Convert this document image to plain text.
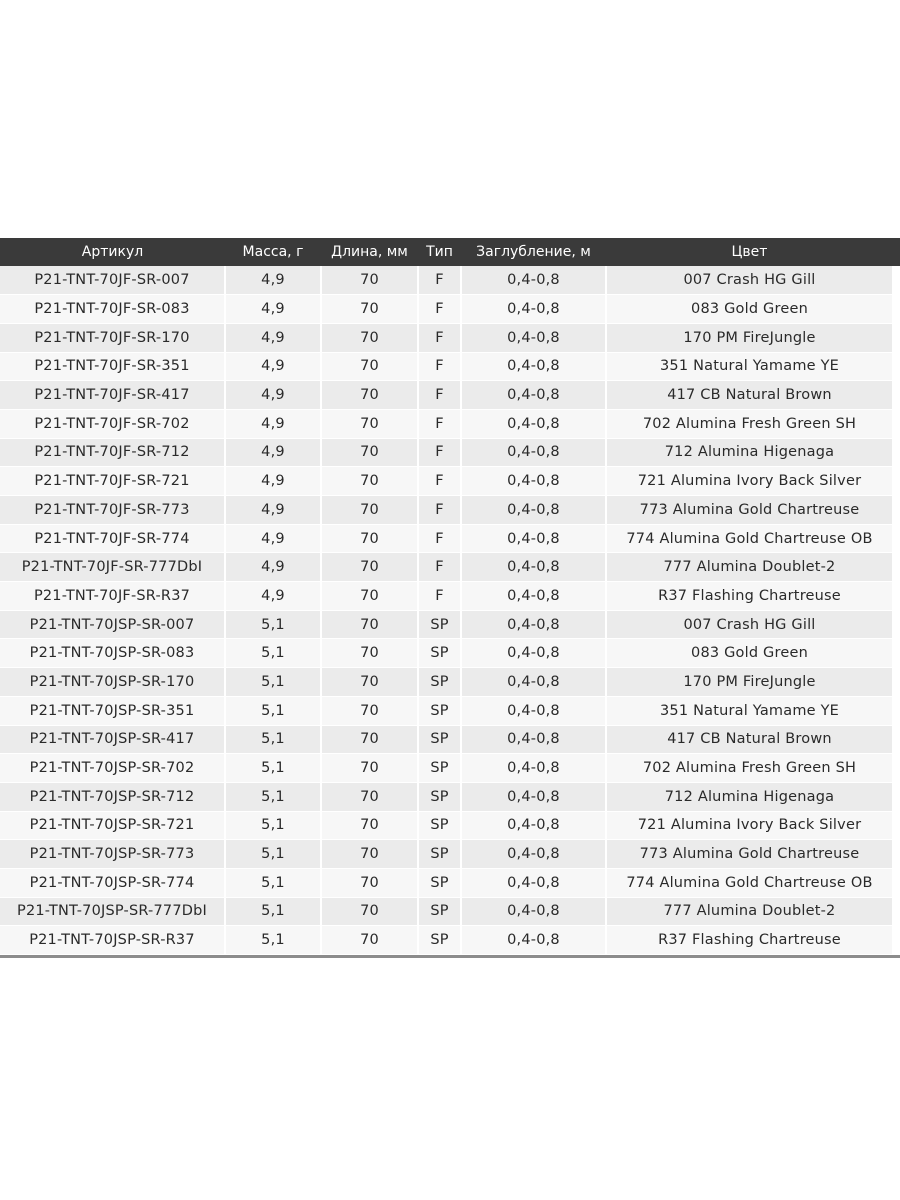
Артикул	Масса, г	Длина, мм	Тип	Заглубление, м	Цвет	
P21-TNT-70JF-SR-007	4,9	70	F	0,4-0,8	007 Crash HG Gill	
P21-TNT-70JF-SR-083	4,9	70	F	0,4-0,8	083 Gold Green	
P21-TNT-70JF-SR-170	4,9	70	F	0,4-0,8	170 PM FireJungle	
P21-TNT-70JF-SR-351	4,9	70	F	0,4-0,8	351 Natural Yamame YE	
P21-TNT-70JF-SR-417	4,9	70	F	0,4-0,8	417 CB Natural Brown	
P21-TNT-70JF-SR-702	4,9	70	F	0,4-0,8	702 Alumina Fresh Green SH	
P21-TNT-70JF-SR-712	4,9	70	F	0,4-0,8	712 Alumina Higenaga	
P21-TNT-70JF-SR-721	4,9	70	F	0,4-0,8	721 Alumina Ivory Back Silver	
P21-TNT-70JF-SR-773	4,9	70	F	0,4-0,8	773 Alumina Gold Chartreuse	
P21-TNT-70JF-SR-774	4,9	70	F	0,4-0,8	774 Alumina Gold Chartreuse OB	
P21-TNT-70JF-SR-777DbI	4,9	70	F	0,4-0,8	777 Alumina Doublet-2	
P21-TNT-70JF-SR-R37	4,9	70	F	0,4-0,8	R37 Flashing Chartreuse	
P21-TNT-70JSP-SR-007	5,1	70	SP	0,4-0,8	007 Crash HG Gill	
P21-TNT-70JSP-SR-083	5,1	70	SP	0,4-0,8	083 Gold Green	
P21-TNT-70JSP-SR-170	5,1	70	SP	0,4-0,8	170 PM FireJungle	
P21-TNT-70JSP-SR-351	5,1	70	SP	0,4-0,8	351 Natural Yamame YE	
P21-TNT-70JSP-SR-417	5,1	70	SP	0,4-0,8	417 CB Natural Brown	
P21-TNT-70JSP-SR-702	5,1	70	SP	0,4-0,8	702 Alumina Fresh Green SH	
P21-TNT-70JSP-SR-712	5,1	70	SP	0,4-0,8	712 Alumina Higenaga	
P21-TNT-70JSP-SR-721	5,1	70	SP	0,4-0,8	721 Alumina Ivory Back Silver	
P21-TNT-70JSP-SR-773	5,1	70	SP	0,4-0,8	773 Alumina Gold Chartreuse	
P21-TNT-70JSP-SR-774	5,1	70	SP	0,4-0,8	774 Alumina Gold Chartreuse OB	
P21-TNT-70JSP-SR-777DbI	5,1	70	SP	0,4-0,8	777 Alumina Doublet-2	
P21-TNT-70JSP-SR-R37	5,1	70	SP	0,4-0,8	R37 Flashing Chartreuse	
